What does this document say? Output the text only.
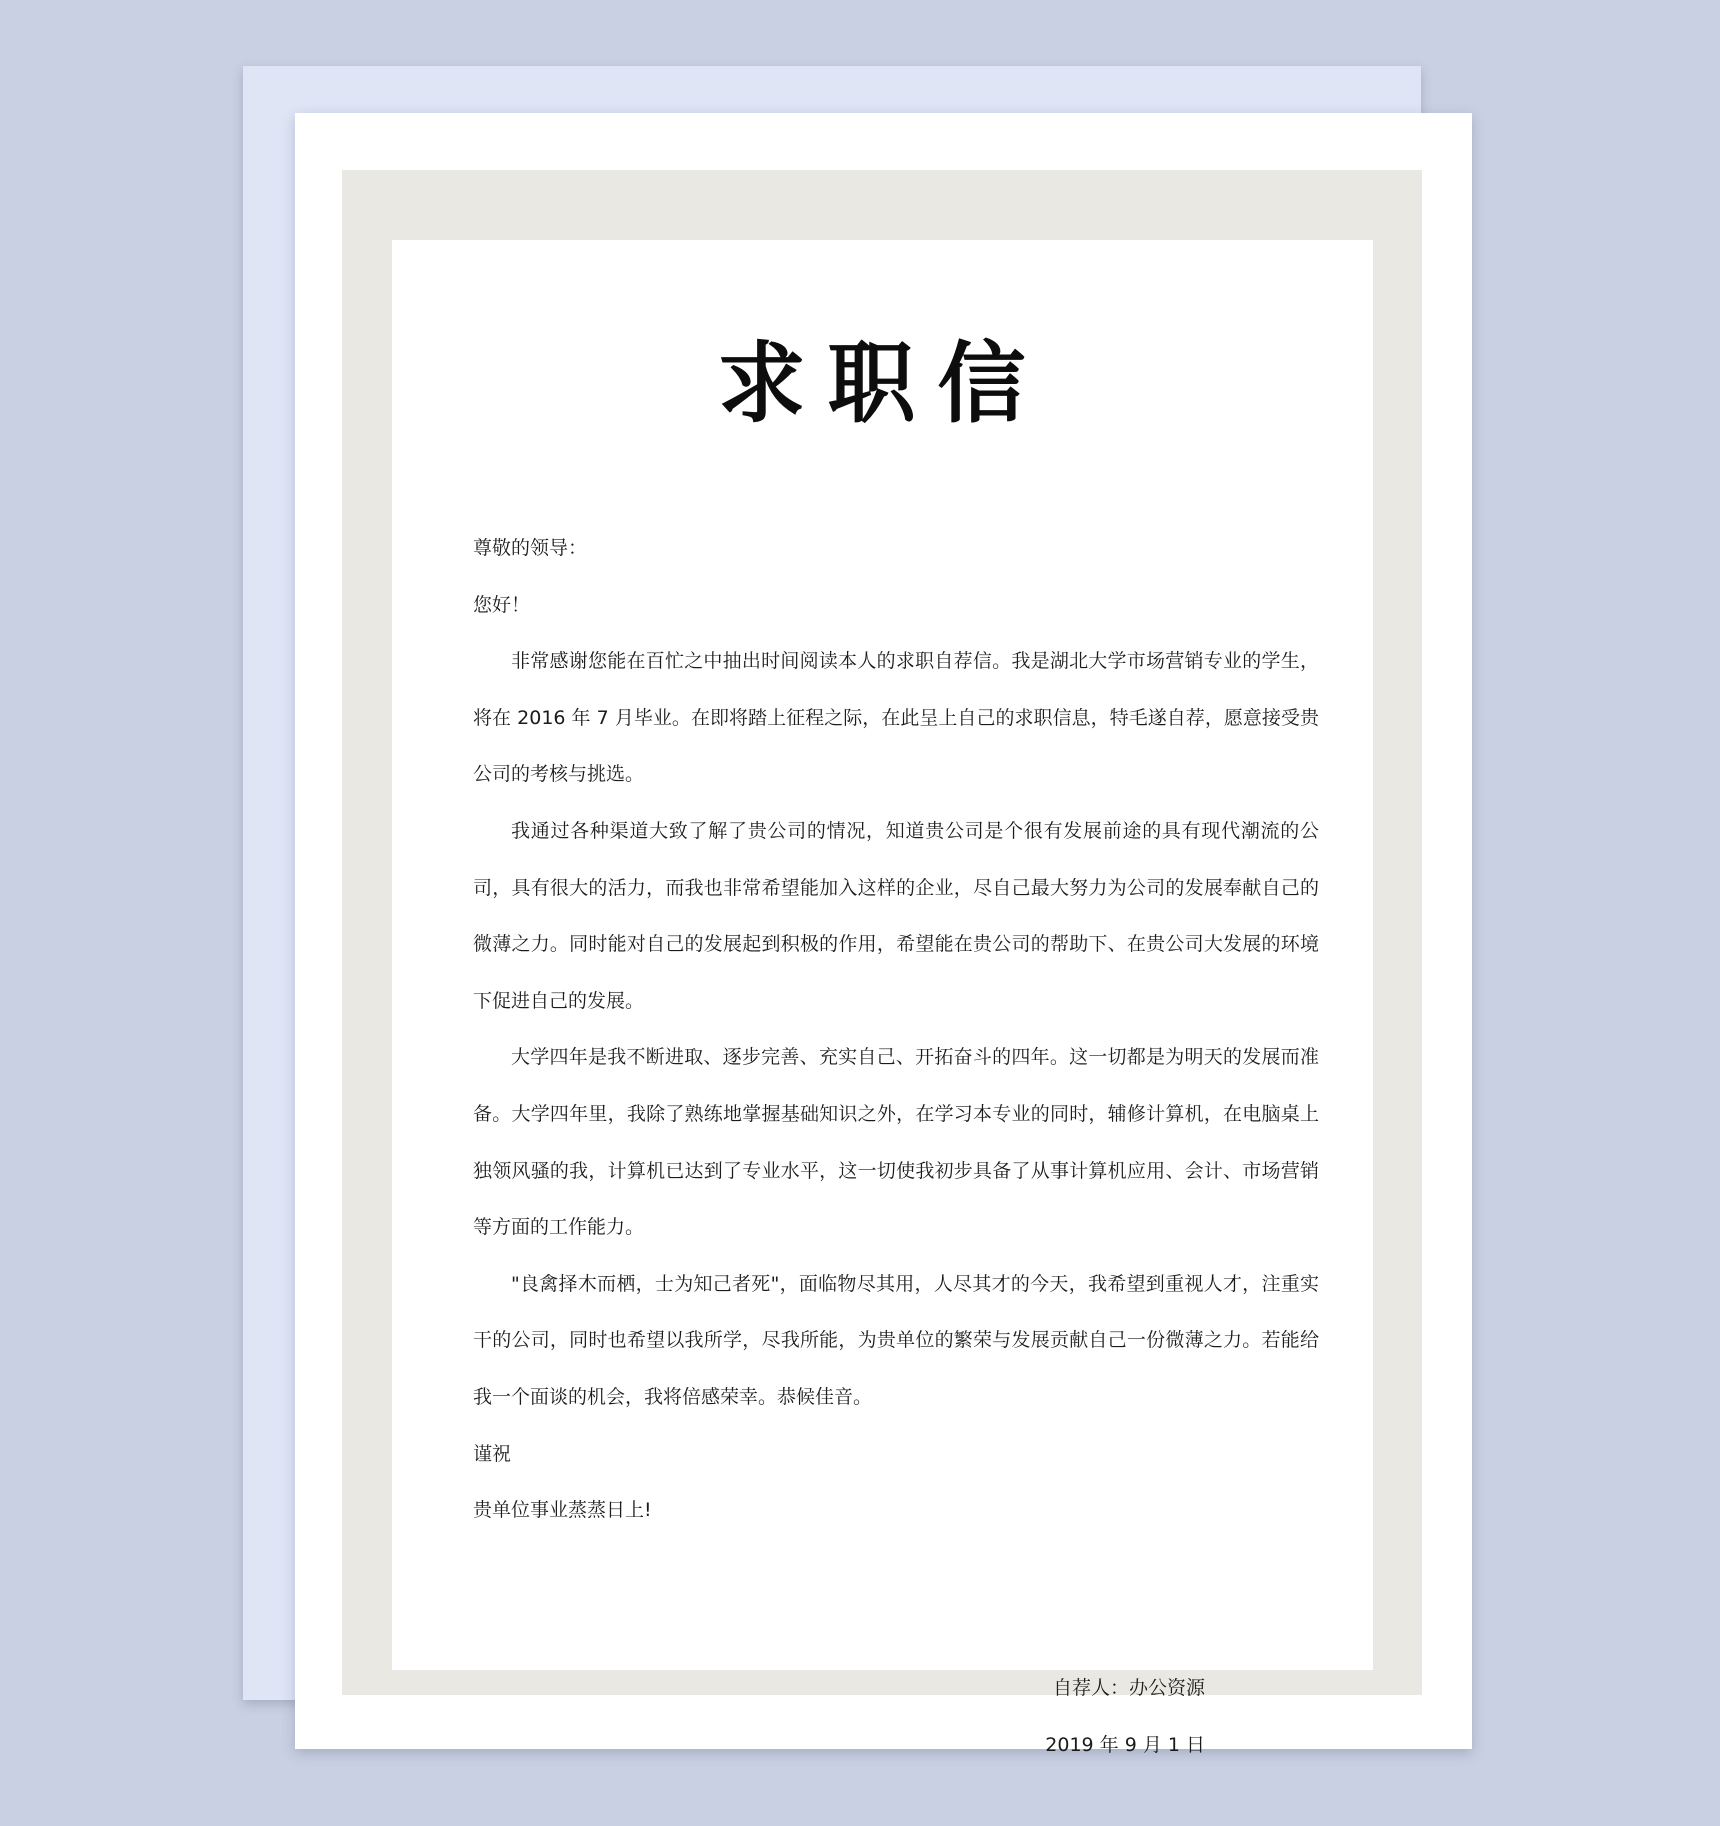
求职信

尊敬的领导：

您好！

非常感谢您能在百忙之中抽出时间阅读本人的求职自荐信。我是湖北大学市场营销专业的学生，将在 2016 年 7 月毕业。在即将踏上征程之际，在此呈上自己的求职信息，特毛遂自荐，愿意接受贵公司的考核与挑选。

我通过各种渠道大致了解了贵公司的情况，知道贵公司是个很有发展前途的具有现代潮流的公司，具有很大的活力，而我也非常希望能加入这样的企业，尽自己最大努力为公司的发展奉献自己的微薄之力。同时能对自己的发展起到积极的作用，希望能在贵公司的帮助下、在贵公司大发展的环境下促进自己的发展。

大学四年是我不断进取、逐步完善、充实自己、开拓奋斗的四年。这一切都是为明天的发展而准备。大学四年里，我除了熟练地掌握基础知识之外，在学习本专业的同时，辅修计算机，在电脑桌上独领风骚的我，计算机已达到了专业水平，这一切使我初步具备了从事计算机应用、会计、市场营销等方面的工作能力。

"良禽择木而栖，士为知己者死"，面临物尽其用，人尽其才的今天，我希望到重视人才，注重实干的公司，同时也希望以我所学，尽我所能，为贵单位的繁荣与发展贡献自己一份微薄之力。若能给我一个面谈的机会，我将倍感荣幸。恭候佳音。

谨祝

贵单位事业蒸蒸日上!

自荐人：办公资源
2019 年 9 月 1 日
